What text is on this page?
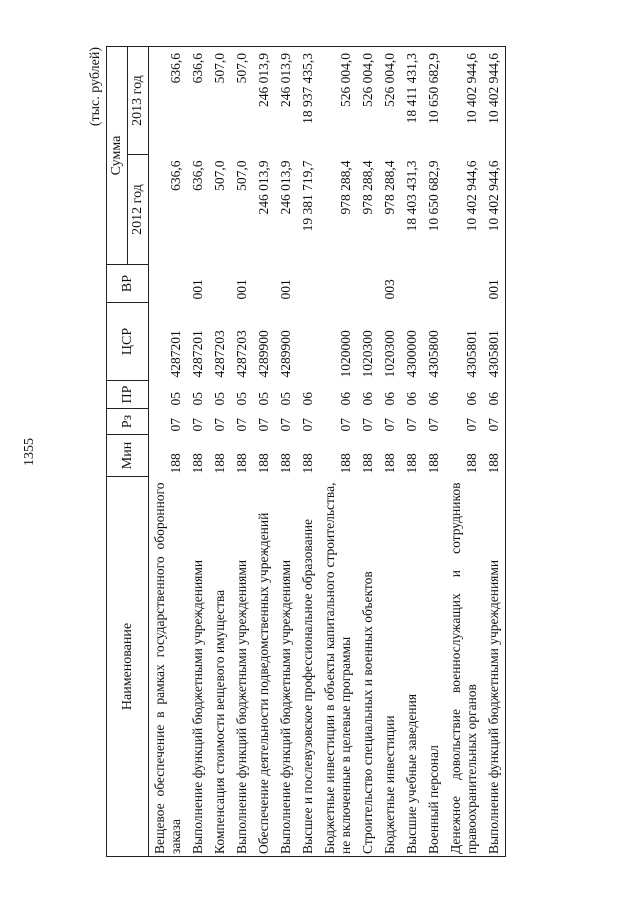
1355
(тыс. рублей)
Наименование	Мин	Рз	ПР	ЦСР	ВР	Сумма	
						2012 год	2013 год
Вещевое обеспечение в рамках государственного оборонного заказа	188	07	05	4287201		636,6	636,6
Выполнение функций бюджетными учреждениями	188	07	05	4287201	001	636,6	636,6
Компенсация стоимости вещевого имущества	188	07	05	4287203		507,0	507,0
Выполнение функций бюджетными учреждениями	188	07	05	4287203	001	507,0	507,0
Обеспечение деятельности подведомственных учреждений	188	07	05	4289900		246 013,9	246 013,9
Выполнение функций бюджетными учреждениями	188	07	05	4289900	001	246 013,9	246 013,9
Высшее и послевузовское профессиональное образование	188	07	06			19 381 719,7	18 937 435,3
Бюджетные инвестиции в объекты капитального строительства, не включенные в целевые программы	188	07	06	1020000		978 288,4	526 004,0
Строительство специальных и военных объектов	188	07	06	1020300		978 288,4	526 004,0
Бюджетные инвестиции	188	07	06	1020300	003	978 288,4	526 004,0
Высшие учебные заведения	188	07	06	4300000		18 403 431,3	18 411 431,3
Военный персонал	188	07	06	4305800		10 650 682,9	10 650 682,9
Денежное довольствие военнослужащих и сотрудников правоохранительных органов	188	07	06	4305801		10 402 944,6	10 402 944,6
Выполнение функций бюджетными учреждениями	188	07	06	4305801	001	10 402 944,6	10 402 944,6
